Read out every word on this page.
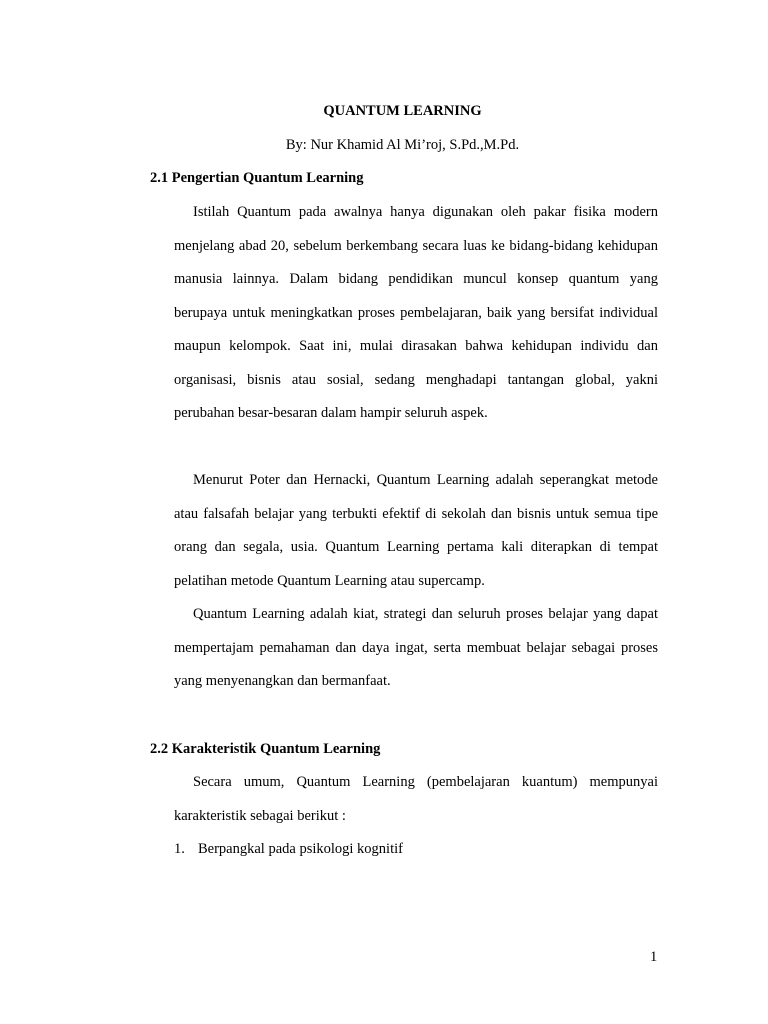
QUANTUM LEARNING
By: Nur Khamid Al Mi’roj, S.Pd.,M.Pd.
2.1 Pengertian Quantum Learning

Istilah Quantum pada awalnya hanya digunakan oleh pakar fisika modern menjelang abad 20, sebelum berkembang secara luas ke bidang-bidang kehidupan manusia lainnya. Dalam bidang pendidikan muncul konsep quantum yang berupaya untuk meningkatkan proses pembelajaran, baik yang bersifat individual maupun kelompok. Saat ini, mulai dirasakan bahwa kehidupan individu dan organisasi, bisnis atau sosial, sedang menghadapi tantangan global, yakni perubahan besar-besaran dalam hampir seluruh aspek.

Menurut Poter dan Hernacki, Quantum Learning adalah seperangkat metode atau falsafah belajar yang terbukti efektif di sekolah dan bisnis untuk semua tipe orang dan segala, usia. Quantum Learning pertama kali diterapkan di tempat pelatihan metode Quantum Learning atau supercamp.

Quantum Learning adalah kiat, strategi dan seluruh proses belajar yang dapat mempertajam pemahaman dan daya ingat, serta membuat belajar sebagai proses yang menyenangkan dan bermanfaat.

2.2 Karakteristik Quantum Learning

Secara umum, Quantum Learning (pembelajaran kuantum) mempunyai karakteristik sebagai berikut :

1. Berpangkal pada psikologi kognitif
1
